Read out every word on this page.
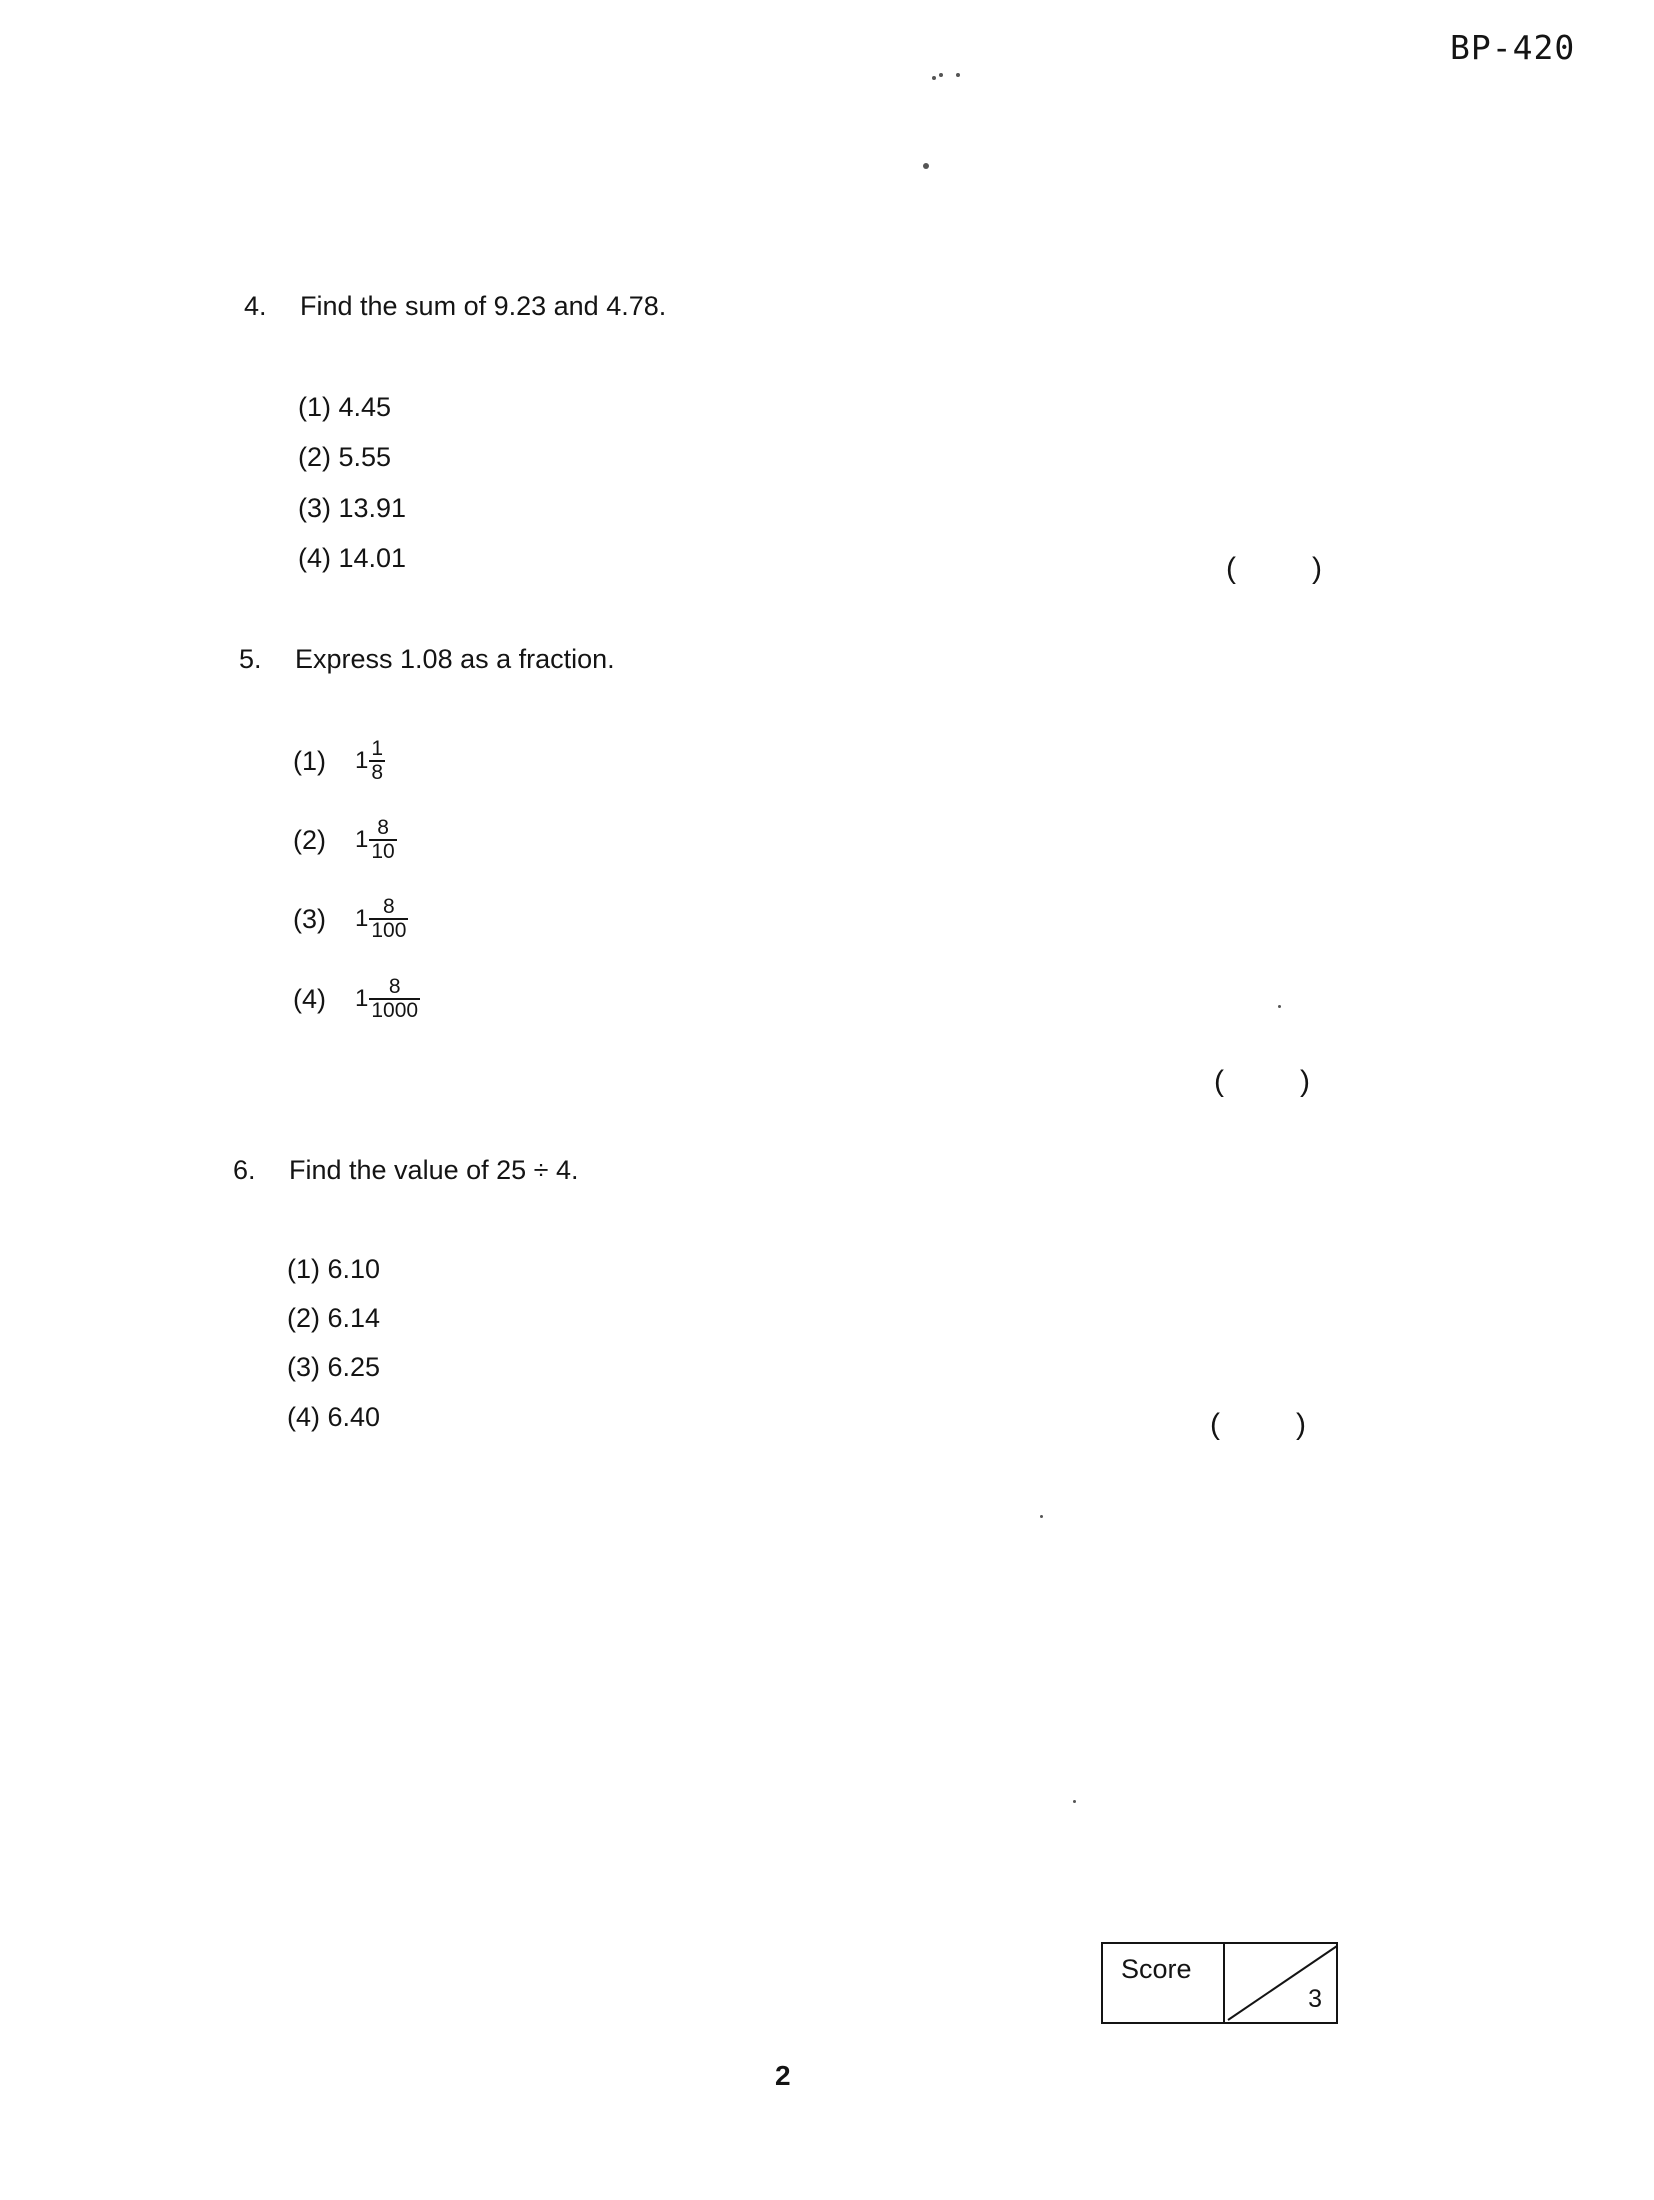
BP-420
4. Find the sum of 9.23 and 4.78.
(1) 4.45
(2) 5.55
(3) 13.91
(4) 14.01	(	)
5. Express 1.08 as a fraction.
(1)	$1 \frac{1}{8}$
(2)	$1 \frac{8}{10}$
(3)	$1 \frac{8}{100}$
(4)	$1 \frac{8}{1000}$
(	)
6. Find the value of 25 ÷ 4.
(1) 6.10
(2) 6.14
(3) 6.25
(4) 6.40	(	)
Score
3
2
